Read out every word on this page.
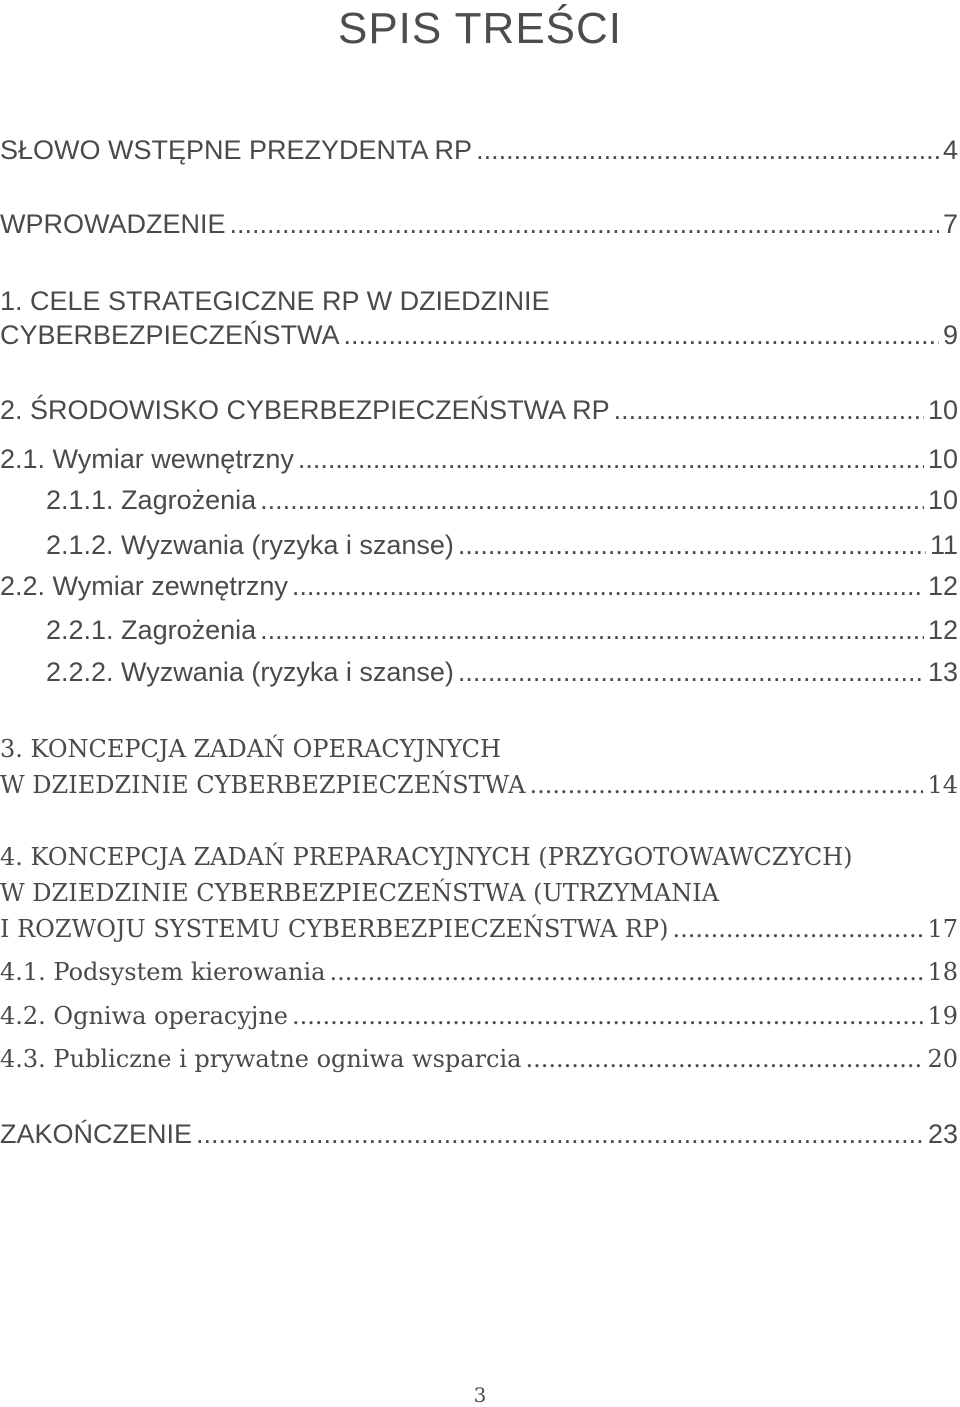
SPIS TREŚCI
SŁOWO WSTĘPNE PREZYDENTA RP .....	4
WPROWADZENIE .....	7
1. CELE STRATEGICZNE RP W DZIEDZINIE
CYBERBEZPIECZEŃSTWA .....	9
2. ŚRODOWISKO CYBERBEZPIECZEŃSTWA RP .....	10
2.1. Wymiar wewnętrzny .....	10
2.1.1. Zagrożenia .....	10
2.1.2. Wyzwania (ryzyka i szanse) .....	11
2.2. Wymiar zewnętrzny .....	12
2.2.1. Zagrożenia .....	12
2.2.2. Wyzwania (ryzyka i szanse) .....	13
3. KONCEPCJA ZADAŃ OPERACYJNYCH
W DZIEDZINIE CYBERBEZPIECZEŃSTWA .....	14
4. KONCEPCJA ZADAŃ PREPARACYJNYCH (PRZYGOTOWAWCZYCH)
W DZIEDZINIE CYBERBEZPIECZEŃSTWA (UTRZYMANIA
I ROZWOJU SYSTEMU CYBERBEZPIECZEŃSTWA RP) .....	17
4.1. Podsystem kierowania .....	18
4.2. Ogniwa operacyjne .....	19
4.3. Publiczne i prywatne ogniwa wsparcia .....	20
ZAKOŃCZENIE .....	23
3
